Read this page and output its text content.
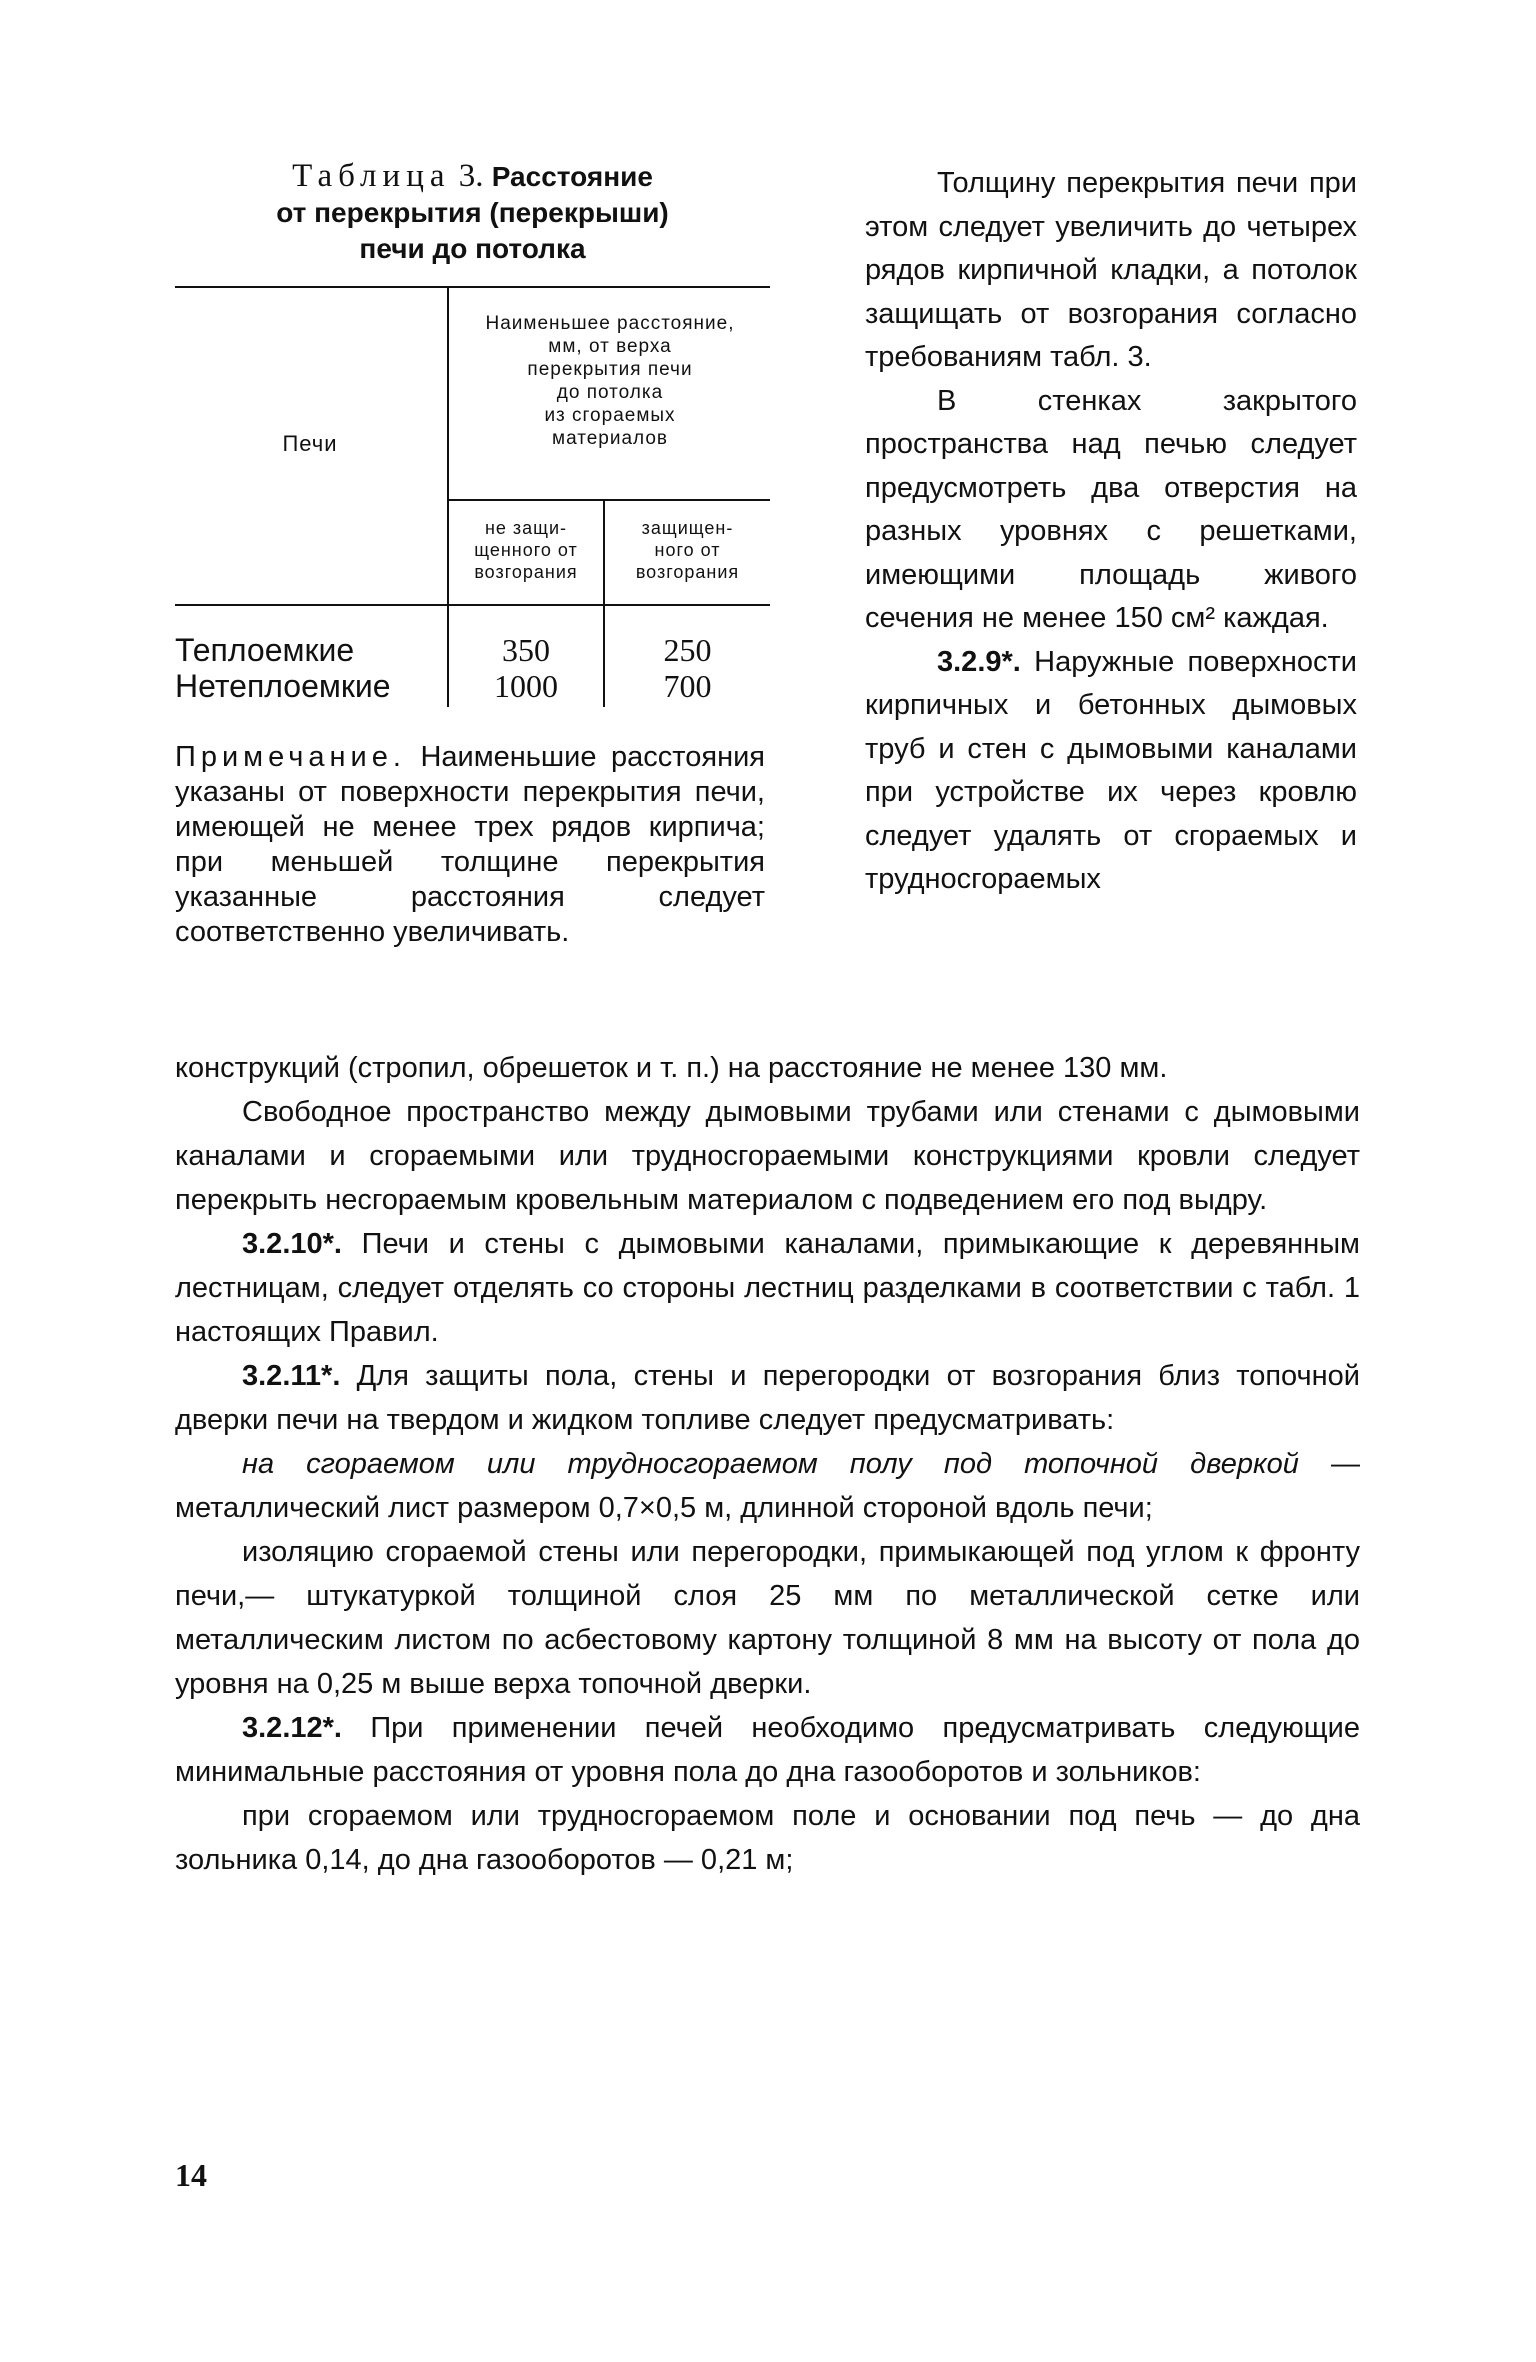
Таблица 3. Расстояние
от перекрытия (перекрыши)
печи до потолка
Печи
Наименьшее расстояние,
мм, от верха
перекрытия печи
до потолка
из сгораемых
материалов
не защи-
щенного от
возгорания
защищен-
ного от
возгорания
Теплоемкие	350	250
Нетеплоемкие	1000	700
Примечание. Наименьшие расстояния указаны от поверхности перекрытия печи, имеющей не менее трех рядов кирпича; при меньшей толщине перекрытия указанные расстояния следует соответственно увеличивать.

Толщину перекрытия печи при этом следует увеличить до четырех рядов кирпичной кладки, а потолок защищать от возгорания согласно требованиям табл. 3.

В стенках закрытого пространства над печью следует предусмотреть два отверстия на разных уровнях с решетками, имеющими площадь живого сечения не менее 150 см² каждая.

3.2.9*. Наружные поверхности кирпичных и бетонных дымовых труб и стен с дымовыми каналами при устройстве их через кровлю следует удалять от сгораемых и трудносгораемых

конструкций (стропил, обрешеток и т. п.) на расстояние не менее 130 мм.

Свободное пространство между дымовыми трубами или стенами с дымовыми каналами и сгораемыми или трудносгораемыми конструкциями кровли следует перекрыть несгораемым кровельным материалом с подведением его под выдру.

3.2.10*. Печи и стены с дымовыми каналами, примыкающие к деревянным лестницам, следует отделять со стороны лестниц разделками в соответствии с табл. 1 настоящих Правил.

3.2.11*. Для защиты пола, стены и перегородки от возгорания близ топочной дверки печи на твердом и жидком топливе следует предусматривать:

на сгораемом или трудносгораемом полу под топочной дверкой — металлический лист размером 0,7×0,5 м, длинной стороной вдоль печи;

изоляцию сгораемой стены или перегородки, примыкающей под углом к фронту печи,— штукатуркой толщиной слоя 25 мм по металлической сетке или металлическим листом по асбестовому картону толщиной 8 мм на высоту от пола до уровня на 0,25 м выше верха топочной дверки.

3.2.12*. При применении печей необходимо предусматривать следующие минимальные расстояния от уровня пола до дна газооборотов и зольников:

при сгораемом или трудносгораемом поле и основании под печь — до дна зольника 0,14, до дна газооборотов — 0,21 м;

14
